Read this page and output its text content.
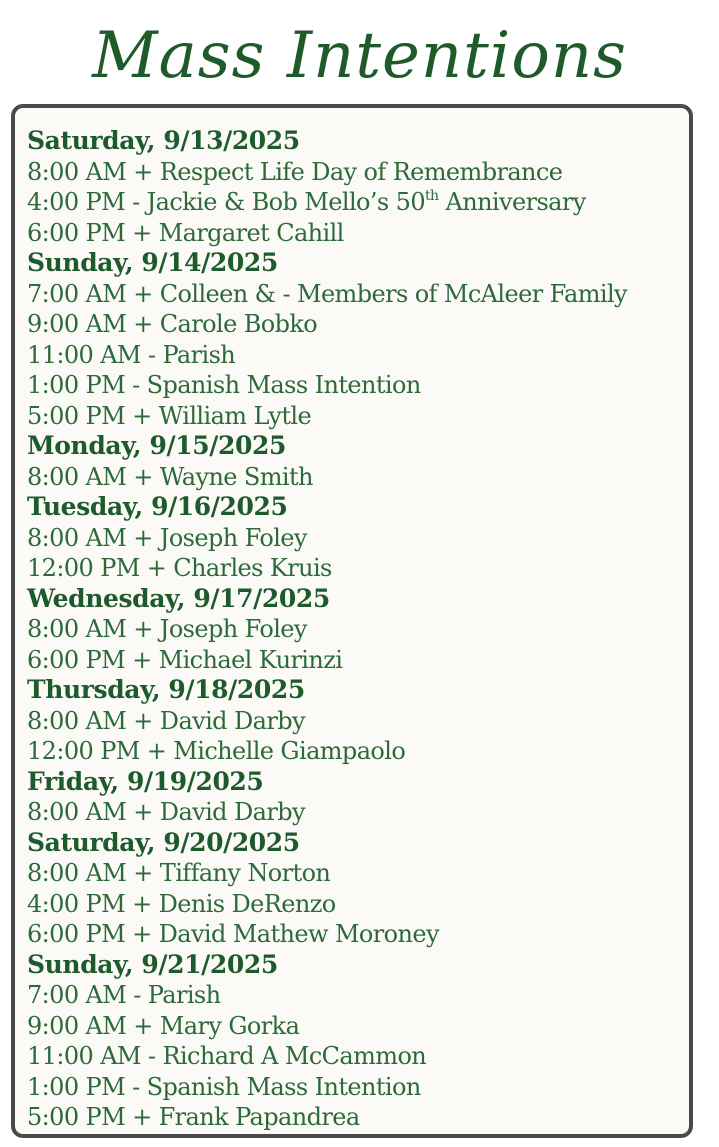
Mass Intentions
Saturday, 9/13/2025
8:00 AM + Respect Life Day of Remembrance
4:00 PM - Jackie & Bob Mello’s 50th Anniversary
6:00 PM + Margaret Cahill
Sunday, 9/14/2025
7:00 AM + Colleen & - Members of McAleer Family
9:00 AM + Carole Bobko
11:00 AM - Parish
1:00 PM - Spanish Mass Intention
5:00 PM + William Lytle
Monday, 9/15/2025
8:00 AM + Wayne Smith
Tuesday, 9/16/2025
8:00 AM + Joseph Foley
12:00 PM + Charles Kruis
Wednesday, 9/17/2025
8:00 AM + Joseph Foley
6:00 PM + Michael Kurinzi
Thursday, 9/18/2025
8:00 AM + David Darby
12:00 PM + Michelle Giampaolo
Friday, 9/19/2025
8:00 AM + David Darby
Saturday, 9/20/2025
8:00 AM + Tiffany Norton
4:00 PM + Denis DeRenzo
6:00 PM + David Mathew Moroney
Sunday, 9/21/2025
7:00 AM - Parish
9:00 AM + Mary Gorka
11:00 AM - Richard A McCammon
1:00 PM - Spanish Mass Intention
5:00 PM + Frank Papandrea
